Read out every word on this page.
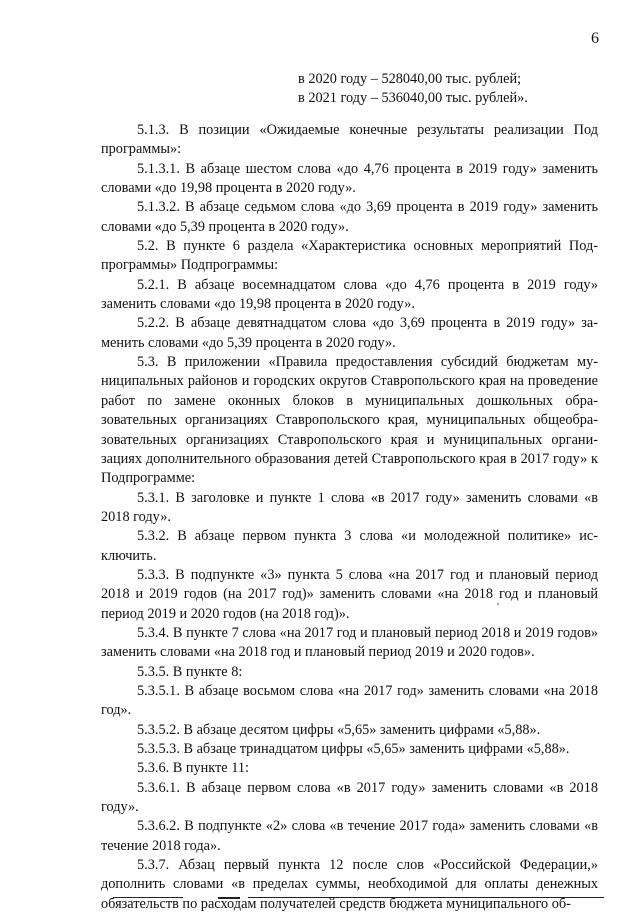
6
в 2020 году – 528040,00 тыс. рублей;
в 2021 году – 536040,00 тыс. рублей».

5.1.3. В позиции «Ожидаемые конечные результаты реализации Под программы»:

5.1.3.1. В абзаце шестом слова «до 4,76 процента в 2019 году» заменить словами «до 19,98 процента в 2020 году».

5.1.3.2. В абзаце седьмом слова «до 3,69 процента в 2019 году» заменить словами «до 5,39 процента в 2020 году».

5.2. В пункте 6 раздела «Характеристика основных мероприятий Подпрограммы» Подпрограммы:

5.2.1. В абзаце восемнадцатом слова «до 4,76 процента в 2019 году» заменить словами «до 19,98 процента в 2020 году».

5.2.2. В абзаце девятнадцатом слова «до 3,69 процента в 2019 году» заменить словами «до 5,39 процента в 2020 году».

5.3. В приложении «Правила предоставления субсидий бюджетам муниципальных районов и городских округов Ставропольского края на проведение работ по замене оконных блоков в муниципальных дошкольных образовательных организациях Ставропольского края, муниципальных общеобразовательных организациях Ставропольского края и муниципальных организациях дополнительного образования детей Ставропольского края в 2017 году» к Подпрограмме:

5.3.1. В заголовке и пункте 1 слова «в 2017 году» заменить словами «в 2018 году».

5.3.2. В абзаце первом пункта 3 слова «и молодежной политике» исключить.

5.3.3. В подпункте «3» пункта 5 слова «на 2017 год и плановый период 2018 и 2019 годов (на 2017 год)» заменить словами «на 2018 год и плановый период 2019 и 2020 годов (на 2018 год)».

5.3.4. В пункте 7 слова «на 2017 год и плановый период 2018 и 2019 годов» заменить словами «на 2018 год и плановый период 2019 и 2020 годов».

5.3.5. В пункте 8:

5.3.5.1. В абзаце восьмом слова «на 2017 год» заменить словами «на 2018 год».

5.3.5.2. В абзаце десятом цифры «5,65» заменить цифрами «5,88».

5.3.5.3. В абзаце тринадцатом цифры «5,65» заменить цифрами «5,88».

5.3.6. В пункте 11:

5.3.6.1. В абзаце первом слова «в 2017 году» заменить словами «в 2018 году».

5.3.6.2. В подпункте «2» слова «в течение 2017 года» заменить словами «в течение 2018 года».

5.3.7. Абзац первый пункта 12 после слов «Российской Федерации,» дополнить словами «в пределах суммы, необходимой для оплаты денежных обязательств по расходам получателей средств бюджета муниципального об-
